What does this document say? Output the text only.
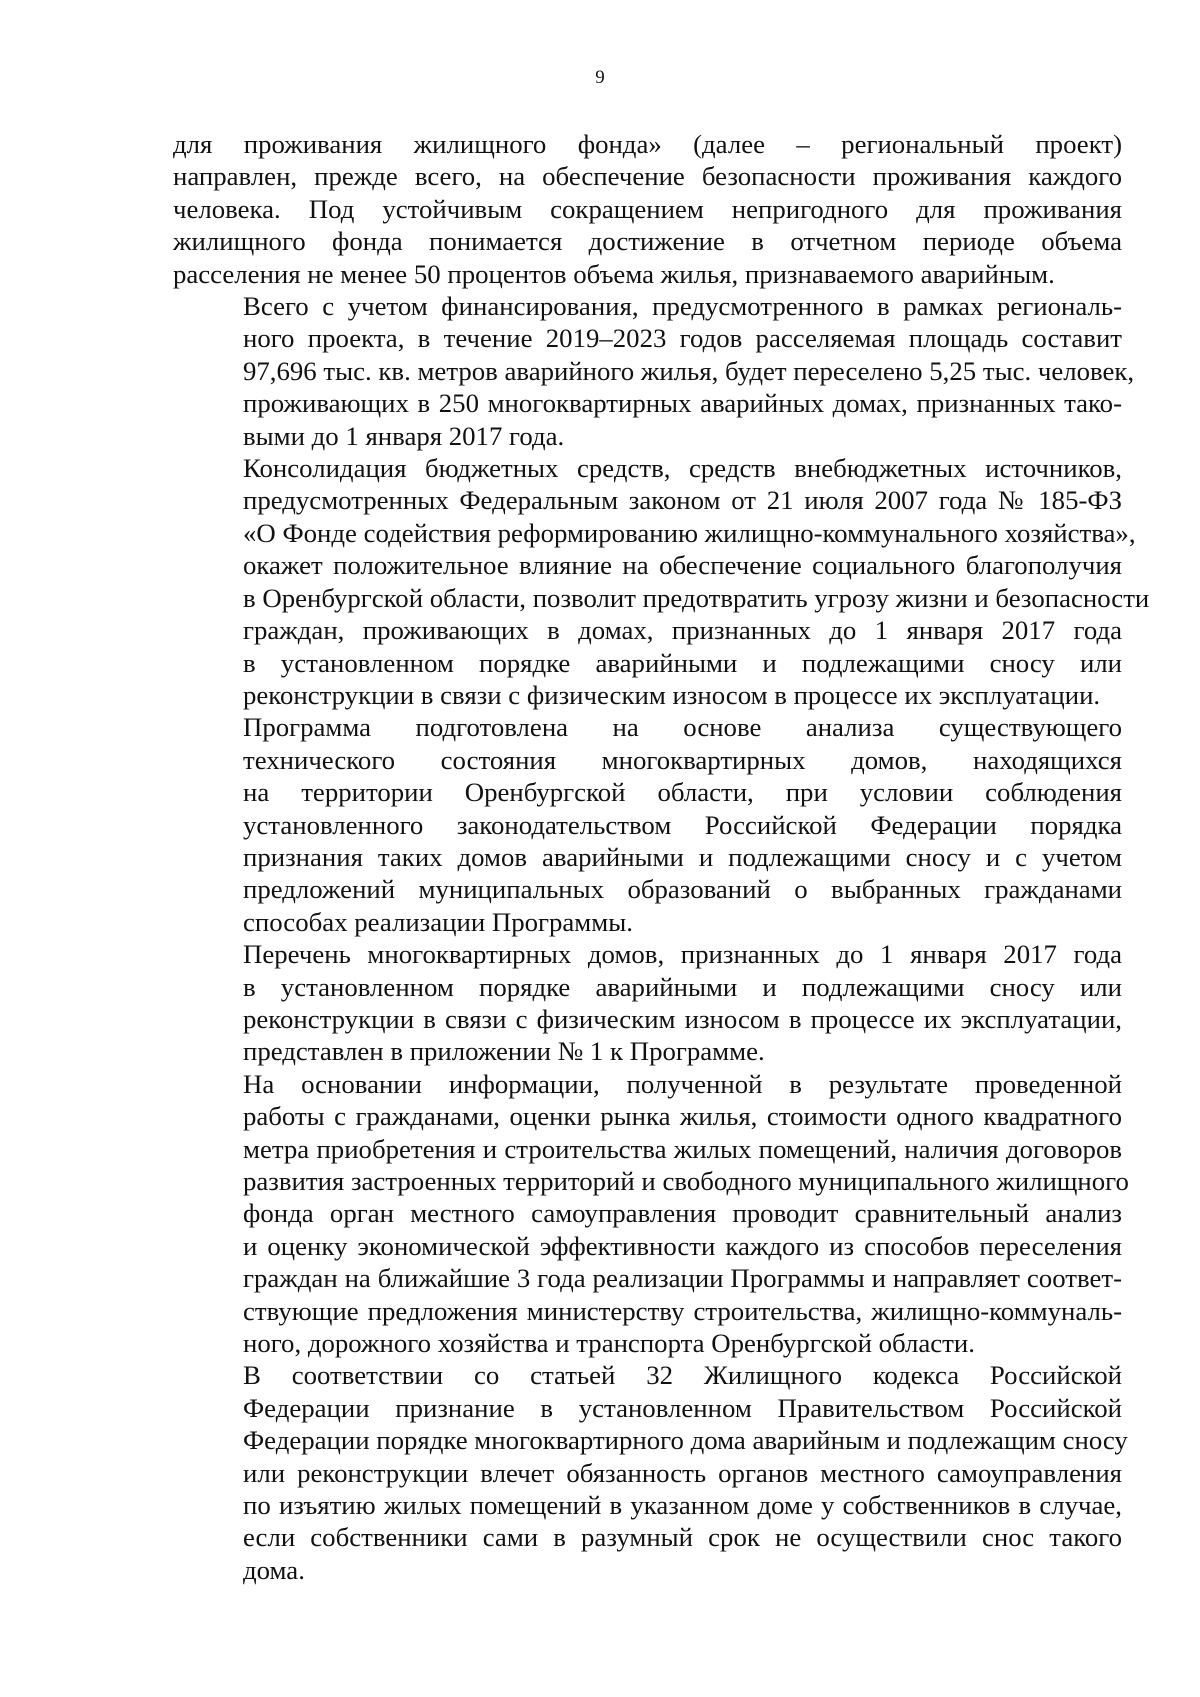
9
для проживания жилищного фонда» (далее – региональный проект)
направлен, прежде всего, на обеспечение безопасности проживания каждого
человека. Под устойчивым сокращением непригодного для проживания
жилищного фонда понимается достижение в отчетном периоде объема
расселения не менее 50 процентов объема жилья, признаваемого аварийным.
Всего с учетом финансирования, предусмотренного в рамках региональ-
ного проекта, в течение 2019–2023 годов расселяемая площадь составит
97,696 тыс. кв. метров аварийного жилья, будет переселено 5,25 тыс. человек,
проживающих в 250 многоквартирных аварийных домах, признанных тако-
выми до 1 января 2017 года.
Консолидация бюджетных средств, средств внебюджетных источников,
предусмотренных Федеральным законом от 21 июля 2007 года № 185-ФЗ
«О Фонде содействия реформированию жилищно-коммунального хозяйства»,
окажет положительное влияние на обеспечение социального благополучия
в Оренбургской области, позволит предотвратить угрозу жизни и безопасности
граждан, проживающих в домах, признанных до 1 января 2017 года
в установленном порядке аварийными и подлежащими сносу или
реконструкции в связи с физическим износом в процессе их эксплуатации.
Программа подготовлена на основе анализа существующего
технического состояния многоквартирных домов, находящихся
на территории Оренбургской области, при условии соблюдения
установленного законодательством Российской Федерации порядка
признания таких домов аварийными и подлежащими сносу и с учетом
предложений муниципальных образований о выбранных гражданами
способах реализации Программы.
Перечень многоквартирных домов, признанных до 1 января 2017 года
в установленном порядке аварийными и подлежащими сносу или
реконструкции в связи с физическим износом в процессе их эксплуатации,
представлен в приложении № 1 к Программе.
На основании информации, полученной в результате проведенной
работы с гражданами, оценки рынка жилья, стоимости одного квадратного
метра приобретения и строительства жилых помещений, наличия договоров
развития застроенных территорий и свободного муниципального жилищного
фонда орган местного самоуправления проводит сравнительный анализ
и оценку экономической эффективности каждого из способов переселения
граждан на ближайшие 3 года реализации Программы и направляет соответ-
ствующие предложения министерству строительства, жилищно-коммуналь-
ного, дорожного хозяйства и транспорта Оренбургской области.
В соответствии со статьей 32 Жилищного кодекса Российской
Федерации признание в установленном Правительством Российской
Федерации порядке многоквартирного дома аварийным и подлежащим сносу
или реконструкции влечет обязанность органов местного самоуправления
по изъятию жилых помещений в указанном доме у собственников в случае,
если собственники сами в разумный срок не осуществили снос такого
дома.
